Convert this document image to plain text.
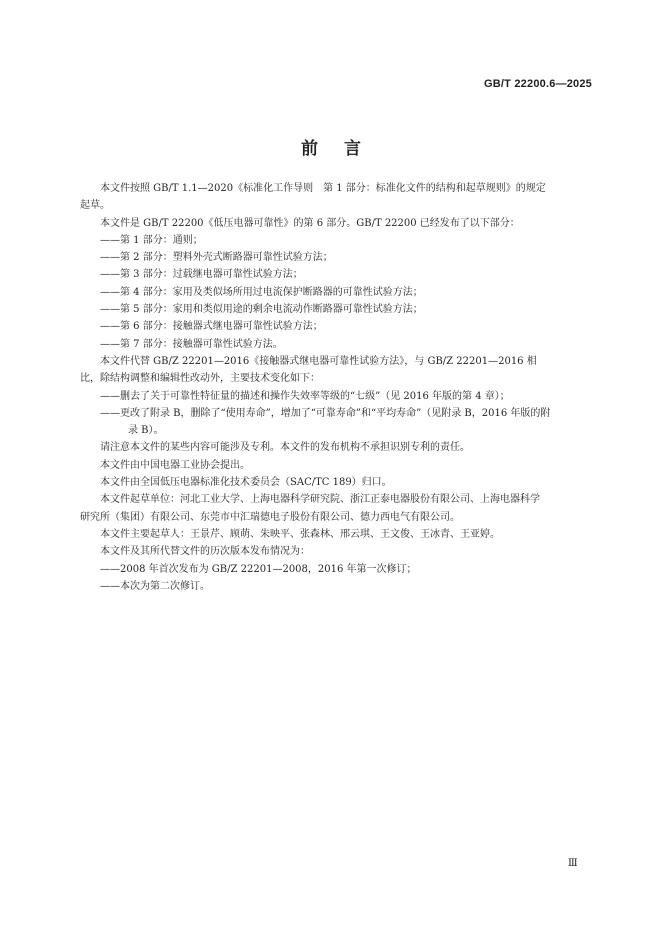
GB/T 22200.6—2025
前言

本文件按照 GB/T 1.1—2020《标准化工作导则　第 1 部分：标准化文件的结构和起草规则》的规定

起草。

本文件是 GB/T 22200《低压电器可靠性》的第 6 部分。GB/T 22200 已经发布了以下部分：

——第 1 部分：通则；

——第 2 部分：塑料外壳式断路器可靠性试验方法；

——第 3 部分：过载继电器可靠性试验方法；

——第 4 部分：家用及类似场所用过电流保护断路器的可靠性试验方法；

——第 5 部分：家用和类似用途的剩余电流动作断路器可靠性试验方法；

——第 6 部分：接触器式继电器可靠性试验方法；

——第 7 部分：接触器可靠性试验方法。

本文件代替 GB/Z 22201—2016《接触器式继电器可靠性试验方法》，与 GB/Z 22201—2016 相

比，除结构调整和编辑性改动外，主要技术变化如下：

——删去了关于可靠性特征量的描述和操作失效率等级的“七级”（见 2016 年版的第 4 章）；

——更改了附录 B，删除了“使用寿命”，增加了“可靠寿命”和“平均寿命”（见附录 B，2016 年版的附

录 B）。

请注意本文件的某些内容可能涉及专利。本文件的发布机构不承担识别专利的责任。

本文件由中国电器工业协会提出。

本文件由全国低压电器标准化技术委员会（SAC/TC 189）归口。

本文件起草单位：河北工业大学、上海电器科学研究院、浙江正泰电器股份有限公司、上海电器科学

研究所（集团）有限公司、东莞市中汇瑞德电子股份有限公司、德力西电气有限公司。

本文件主要起草人：王景芹、顾萌、朱映平、张森林、邢云琪、王文俊、王冰青、王亚婷。

本文件及其所代替文件的历次版本发布情况为：

——2008 年首次发布为 GB/Z 22201—2008，2016 年第一次修订；

——本次为第二次修订。

Ⅲ
